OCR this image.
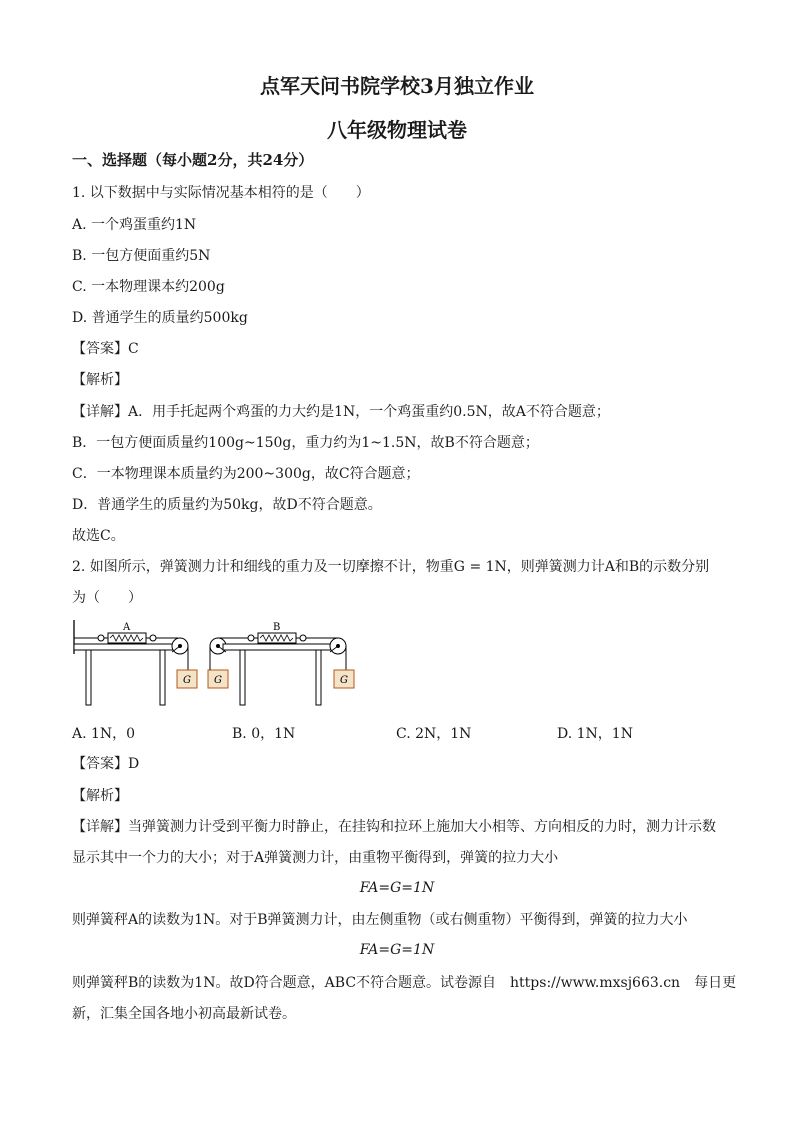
点军天问书院学校3月独立作业
八年级物理试卷
一、选择题（每小题2分，共24分）
1. 以下数据中与实际情况基本相符的是（　　）
A. 一个鸡蛋重约1N
B. 一包方便面重约5N
C. 一本物理课本约200g
D. 普通学生的质量约500kg
【答案】C
【解析】
【详解】A．用手托起两个鸡蛋的力大约是1N，一个鸡蛋重约0.5N，故A不符合题意；
B．一包方便面质量约100g~150g，重力约为1~1.5N，故B不符合题意；
C．一本物理课本质量约为200~300g，故C符合题意；
D．普通学生的质量约为50kg，故D不符合题意。
故选C。
2. 如图所示，弹簧测力计和细线的重力及一切摩擦不计，物重G = 1N，则弹簧测力计A和B的示数分别
为（　　）
A
G G
B
G
A. 1N，0	B. 0，1N	C. 2N，1N	D. 1N，1N
【答案】D
【解析】
【详解】当弹簧测力计受到平衡力时静止，在挂钩和拉环上施加大小相等、方向相反的力时，测力计示数
显示其中一个力的大小；对于A弹簧测力计，由重物平衡得到，弹簧的拉力大小
FA=G=1N
则弹簧秤A的读数为1N。对于B弹簧测力计，由左侧重物（或右侧重物）平衡得到，弹簧的拉力大小
FA=G=1N
则弹簧秤B的读数为1N。故D符合题意，ABC不符合题意。试卷源自　https://www.mxsj663.cn　每日更
新，汇集全国各地小初高最新试卷。
